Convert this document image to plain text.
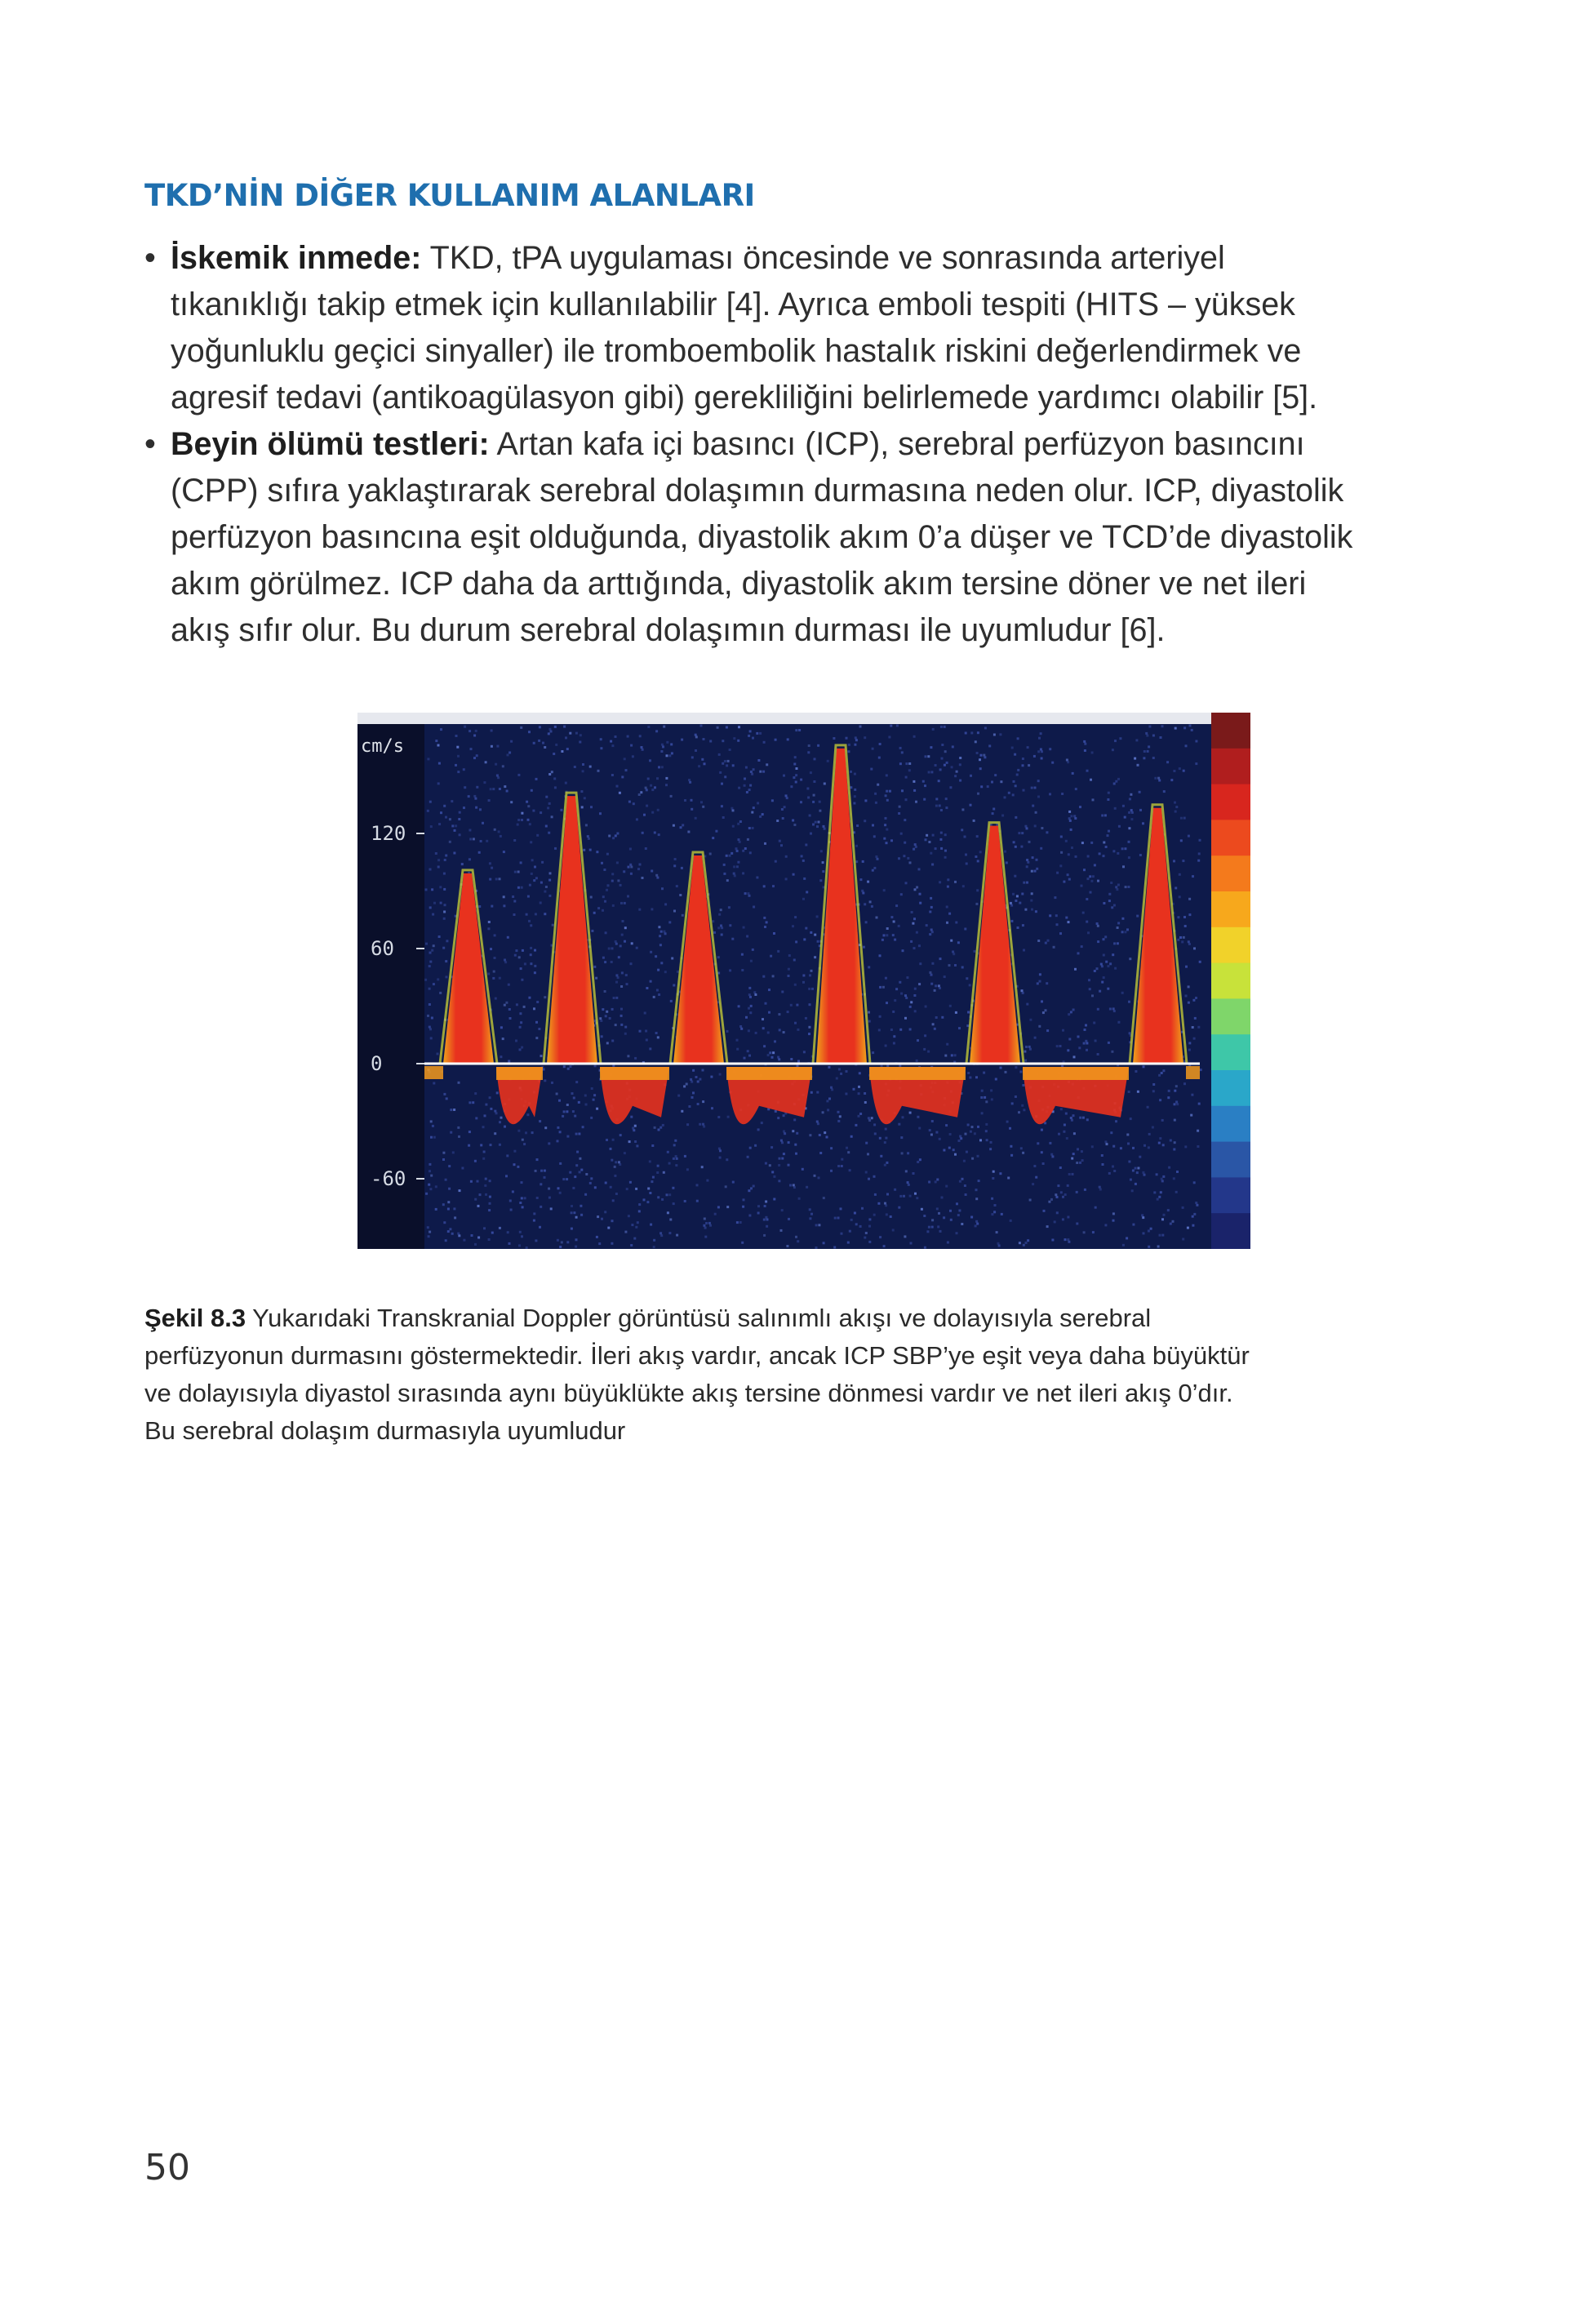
TKD’NİN DİĞER KULLANIM ALANLARI
• İskemik inmede: TKD, tPA uygulaması öncesinde ve sonrasında arteriyel
tıkanıklığı takip etmek için kullanılabilir [4]. Ayrıca emboli tespiti (HITS – yüksek
yoğunluklu geçici sinyaller) ile tromboembolik hastalık riskini değerlendirmek ve
agresif tedavi (antikoagülasyon gibi) gerekliliğini belirlemede yardımcı olabilir [5].
• Beyin ölümü testleri: Artan kafa içi basıncı (ICP), serebral perfüzyon basıncını
(CPP) sıfıra yaklaştırarak serebral dolaşımın durmasına neden olur. ICP, diyastolik
perfüzyon basıncına eşit olduğunda, diyastolik akım 0’a düşer ve TCD’de diyastolik
akım görülmez. ICP daha da arttığında, diyastolik akım tersine döner ve net ileri
akış sıfır olur. Bu durum serebral dolaşımın durması ile uyumludur [6].
cm/s
120
60
0
-60
Şekil 8.3 Yukarıdaki Transkranial Doppler görüntüsü salınımlı akışı ve dolayısıyla serebral
perfüzyonun durmasını göstermektedir. İleri akış vardır, ancak ICP SBP’ye eşit veya daha büyüktür
ve dolayısıyla diyastol sırasında aynı büyüklükte akış tersine dönmesi vardır ve net ileri akış 0’dır.
Bu serebral dolaşım durmasıyla uyumludur
50
